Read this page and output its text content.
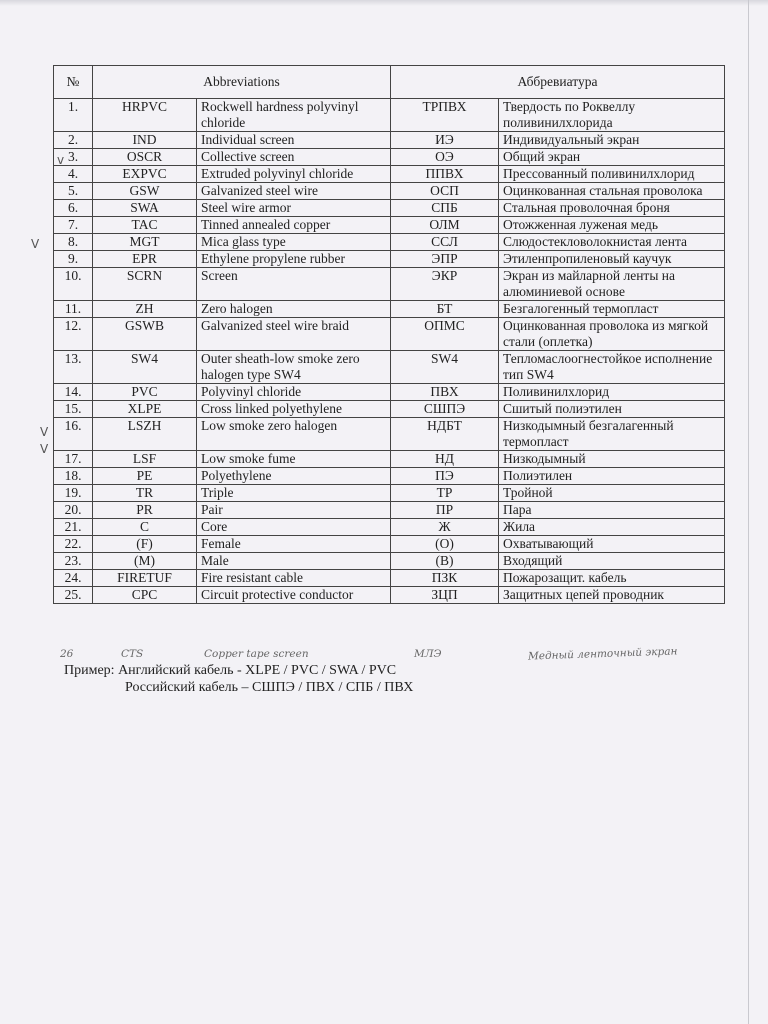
№	Abbreviations		Аббревиатура	
1.	HRPVC	Rockwell hardness polyvinyl chloride	ТРПВХ	Твердость по Роквеллу поливинилхлорида
2.	IND	Individual screen	ИЭ	Индивидуальный экран
3.	OSCR	Collective screen	ОЭ	Общий экран
4.	EXPVC	Extruded polyvinyl chloride	ППВХ	Прессованный поливинилхлорид
5.	GSW	Galvanized steel wire	ОСП	Оцинкованная стальная проволока
6.	SWA	Steel wire armor	СПБ	Стальная проволочная броня
7.	TAC	Tinned annealed copper	ОЛМ	Отожженная луженая медь
8.	MGT	Mica glass type	ССЛ	Слюдостекловолокнистая лента
9.	EPR	Ethylene propylene rubber	ЭПР	Этиленпропиленовый каучук
10.	SCRN	Screen	ЭКР	Экран из майларной ленты на алюминиевой основе
11.	ZH	Zero halogen	БТ	Безгалогенный термопласт
12.	GSWB	Galvanized steel wire braid	ОПМС	Оцинкованная проволока из мягкой стали (оплетка)
13.	SW4	Outer sheath-low smoke zero halogen type SW4	SW4	Тепломаслоогнестойкое исполнение тип SW4
14.	PVC	Polyvinyl chloride	ПВХ	Поливинилхлорид
15.	XLPE	Cross linked polyethylene	СШПЭ	Сшитый полиэтилен
16.	LSZH	Low smoke zero halogen	НДБТ	Низкодымный безгалагенный термопласт
17.	LSF	Low smoke fume	НД	Низкодымный
18.	PE	Polyethylene	ПЭ	Полиэтилен
19.	TR	Triple	ТР	Тройной
20.	PR	Pair	ПР	Пара
21.	C	Core	Ж	Жила
22.	(F)	Female	(О)	Охватывающий
23.	(M)	Male	(В)	Входящий
24.	FIRETUF	Fire resistant cable	ПЗК	Пожарозащит. кабель
25.	CPC	Circuit protective conductor	ЗЦП	Защитных цепей проводник
v
V
V
V
26	CTS	Copper tape screen	МЛЭ	Медный ленточный экран
Пример: Английский кабель - XLPE / PVC / SWA / PVC
Российский кабель – СШПЭ / ПВХ / СПБ / ПВХ
